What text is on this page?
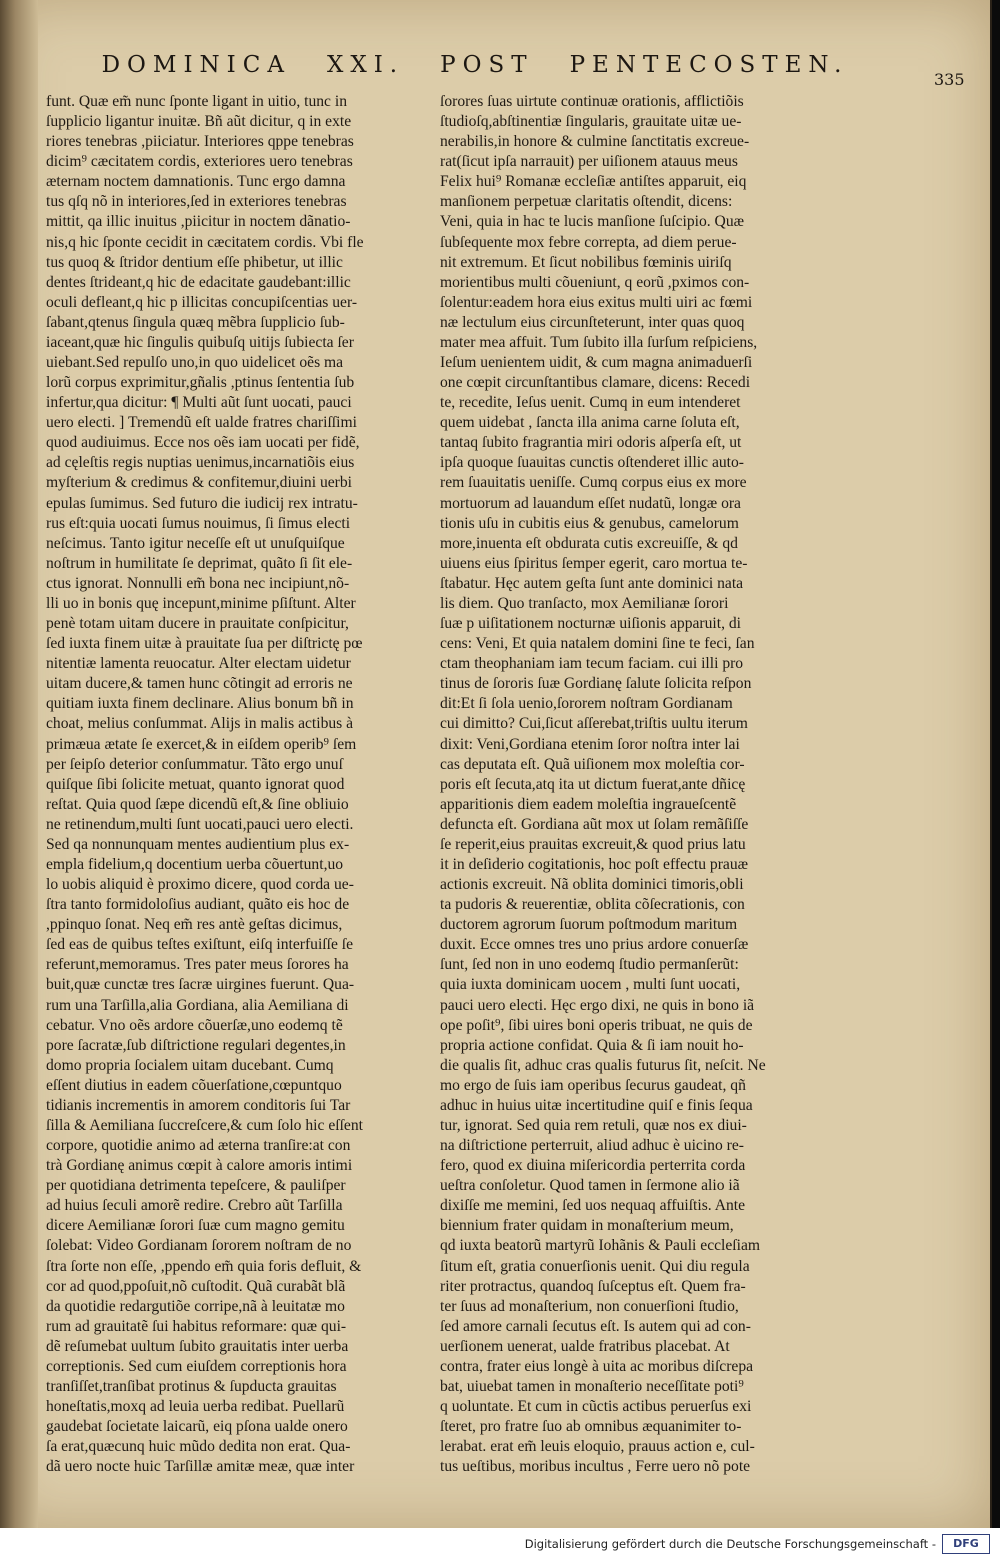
DOMINICA XXI. POST PENTECOSTEN.
335
funt. Quæ em̃ nunc ſponte ligant in uitio, tunc in
ſupplicio ligantur inuitæ. Bñ aũt dicitur, q in exte
riores tenebras ,piiciatur. Interiores qppe tenebras
dicim⁹ cæcitatem cordis, exteriores uero tenebras
æternam noctem damnationis. Tunc ergo damna
tus qſq nõ in interiores,ſed in exteriores tenebras
mittit, qa illic inuitus ,piicitur in noctem dãnatio-
nis,q hic ſponte cecidit in cæcitatem cordis. Vbi fle
tus quoq & ſtridor dentium eſſe phibetur, ut illic
dentes ſtrideant,q hic de edacitate gaudebant:illic
oculi defleant,q hic p illicitas concupiſcentias uer-
ſabant,qtenus ſingula quæq mẽbra ſupplicio ſub-
iaceant,quæ hic ſingulis quibuſq uitijs ſubiecta ſer
uiebant.Sed repulſo uno,in quo uidelicet oẽs ma
lorũ corpus exprimitur,gñalis ,ptinus ſententia ſub
infertur,qua dicitur: ¶ Multi aũt ſunt uocati, pauci
uero electi. ] Tremendũ eſt ualde fratres chariſſimi
quod audiuimus. Ecce nos oẽs iam uocati per fidẽ,
ad cęleſtis regis nuptias uenimus,incarnatiõis eius
myſterium & credimus & confitemur,diuini uerbi
epulas ſumimus. Sed futuro die iudicij rex intratu-
rus eſt:quia uocati ſumus nouimus, ſi ſimus electi
neſcimus. Tanto igitur neceſſe eſt ut unuſquiſque
noſtrum in humilitate ſe deprimat, quãto ſi ſit ele-
ctus ignorat. Nonnulli em̃ bona nec incipiunt,nõ-
lli uo in bonis quę incepunt,minime pſiſtunt. Alter
penè totam uitam ducere in prauitate conſpicitur,
ſed iuxta finem uitæ à prauitate ſua per diſtrictę pœ
nitentiæ lamenta reuocatur. Alter electam uidetur
uitam ducere,& tamen hunc cõtingit ad erroris ne
quitiam iuxta finem declinare. Alius bonum bñ in
choat, melius conſummat. Alijs in malis actibus à
primæua ætate ſe exercet,& in eiſdem operib⁹ ſem
per ſeipſo deterior conſummatur. Tãto ergo unuſ
quiſque ſibi ſolicite metuat, quanto ignorat quod
reſtat. Quia quod ſæpe dicendũ eſt,& ſine obliuio
ne retinendum,multi ſunt uocati,pauci uero electi.
Sed qa nonnunquam mentes audientium plus ex-
empla fidelium,q docentium uerba cõuertunt,uo
lo uobis aliquid è proximo dicere, quod corda ue-
ſtra tanto formidoloſius audiant, quãto eis hoc de
,ppinquo ſonat. Neq em̃ res antè geſtas dicimus,
ſed eas de quibus teſtes exiſtunt, eiſq interfuiſſe ſe
referunt,memoramus. Tres pater meus ſorores ha
buit,quæ cunctæ tres ſacræ uirgines fuerunt. Qua-
rum una Tarſilla,alia Gordiana, alia Aemiliana di
cebatur. Vno oẽs ardore cõuerſæ,uno eodemq tẽ
pore ſacratæ,ſub diſtrictione regulari degentes,in
domo propria ſocialem uitam ducebant. Cumq
eſſent diutius in eadem cõuerſatione,cœpuntquo
tidianis incrementis in amorem conditoris ſui Tar
ſilla & Aemiliana ſuccreſcere,& cum ſolo hic eſſent
corpore, quotidie animo ad æterna tranſire:at con
trà Gordianę animus cœpit à calore amoris intimi
per quotidiana detrimenta tepeſcere, & pauliſper
ad huius ſeculi amorẽ redire. Crebro aũt Tarſilla
dicere Aemilianæ ſorori ſuæ cum magno gemitu
ſolebat: Video Gordianam ſororem noſtram de no
ſtra ſorte non eſſe, ,ppendo em̃ quia foris defluit, &
cor ad quod,ppoſuit,nõ cuſtodit. Quã curabãt blã
da quotidie redargutiõe corripe,nã à leuitatæ mo
rum ad grauitatẽ ſui habitus reformare: quæ qui-
dẽ reſumebat uultum ſubito grauitatis inter uerba
correptionis. Sed cum eiuſdem correptionis hora
tranſiſſet,tranſibat protinus & ſupducta grauitas
honeſtatis,moxq ad leuia uerba redibat. Puellarũ
gaudebat ſocietate laicarũ, eiq pſona ualde onero
ſa erat,quæcunq huic mũdo dedita non erat. Qua-
dã uero nocte huic Tarſillæ amitæ meæ, quæ inter
ſorores ſuas uirtute continuæ orationis, afflictiõis
ſtudioſq,abſtinentiæ ſingularis, grauitate uitæ ue-
nerabilis,in honore & culmine ſanctitatis excreue-
rat(ſicut ipſa narrauit) per uiſionem atauus meus
Felix hui⁹ Romanæ eccleſiæ antiſtes apparuit, eiq
manſionem perpetuæ claritatis oſtendit, dicens:
Veni, quia in hac te lucis manſione ſuſcipio. Quæ
ſubſequente mox febre correpta, ad diem perue-
nit extremum. Et ſicut nobilibus fœminis uiriſq
morientibus multi cõueniunt, q eorũ ,pximos con-
ſolentur:eadem hora eius exitus multi uiri ac fœmi
næ lectulum eius circunſteterunt, inter quas quoq
mater mea affuit. Tum ſubito illa ſurſum reſpiciens,
Ieſum uenientem uidit, & cum magna animaduerſi
one cœpit circunſtantibus clamare, dicens: Recedi
te, recedite, Ieſus uenit. Cumq in eum intenderet
quem uidebat , ſancta illa anima carne ſoluta eſt,
tantaq ſubito fragrantia miri odoris aſperſa eſt, ut
ipſa quoque ſuauitas cunctis oſtenderet illic auto-
rem ſuauitatis ueniſſe. Cumq corpus eius ex more
mortuorum ad lauandum eſſet nudatũ, longæ ora
tionis uſu in cubitis eius & genubus, camelorum
more,inuenta eſt obdurata cutis excreuiſſe, & qd
uiuens eius ſpiritus ſemper egerit, caro mortua te-
ſtabatur. Hęc autem geſta ſunt ante dominici nata
lis diem. Quo tranſacto, mox Aemilianæ ſorori
ſuæ p uiſitationem nocturnæ uiſionis apparuit, di
cens: Veni, Et quia natalem domini ſine te feci, ſan
ctam theophaniam iam tecum faciam. cui illi pro
tinus de ſororis ſuæ Gordianę ſalute ſolicita reſpon
dit:Et ſi ſola uenio,ſororem noſtram Gordianam
cui dimitto? Cui,ſicut aſſerebat,triſtis uultu iterum
dixit: Veni,Gordiana etenim ſoror noſtra inter lai
cas deputata eſt. Quã uiſionem mox moleſtia cor-
poris eſt ſecuta,atq ita ut dictum fuerat,ante dñicę
apparitionis diem eadem moleſtia ingraueſcentẽ
defuncta eſt. Gordiana aũt mox ut ſolam remãſiſſe
ſe reperit,eius prauitas excreuit,& quod prius latu
it in deſiderio cogitationis, hoc poſt effectu prauæ
actionis excreuit. Nã oblita dominici timoris,obli
ta pudoris & reuerentiæ, oblita cõſecrationis, con
ductorem agrorum ſuorum poſtmodum maritum
duxit. Ecce omnes tres uno prius ardore conuerſæ
ſunt, ſed non in uno eodemq ſtudio permanſerũt:
quia iuxta dominicam uocem , multi ſunt uocati,
pauci uero electi. Hęc ergo dixi, ne quis in bono iã
ope poſit⁹, ſibi uires boni operis tribuat, ne quis de
propria actione confidat. Quia & ſi iam nouit ho-
die qualis ſit, adhuc cras qualis futurus ſit, neſcit. Ne
mo ergo de ſuis iam operibus ſecurus gaudeat, qñ
adhuc in huius uitæ incertitudine quiſ e finis ſequa
tur, ignorat. Sed quia rem retuli, quæ nos ex diui-
na diſtrictione perterruit, aliud adhuc è uicino re-
fero, quod ex diuina miſericordia perterrita corda
ueſtra conſoletur. Quod tamen in ſermone alio iã
dixiſſe me memini, ſed uos nequaq affuiſtis. Ante
biennium frater quidam in monaſterium meum,
qd iuxta beatorũ martyrũ Iohãnis & Pauli eccleſiam
ſitum eſt, gratia conuerſionis uenit. Qui diu regula
riter protractus, quandoq ſuſceptus eſt. Quem fra-
ter ſuus ad monaſterium, non conuerſioni ſtudio,
ſed amore carnali ſecutus eſt. Is autem qui ad con-
uerſionem uenerat, ualde fratribus placebat. At
contra, frater eius longè à uita ac moribus diſcrepa
bat, uiuebat tamen in monaſterio neceſſitate poti⁹
q uoluntate. Et cum in cũctis actibus peruerſus exi
ſteret, pro fratre ſuo ab omnibus æquanimiter to-
lerabat. erat em̃ leuis eloquio, prauus action e, cul-
tus ueſtibus, moribus incultus , Ferre uero nõ pote
Digitalisierung gefördert durch die Deutsche Forschungsgemeinschaft -	DFG
